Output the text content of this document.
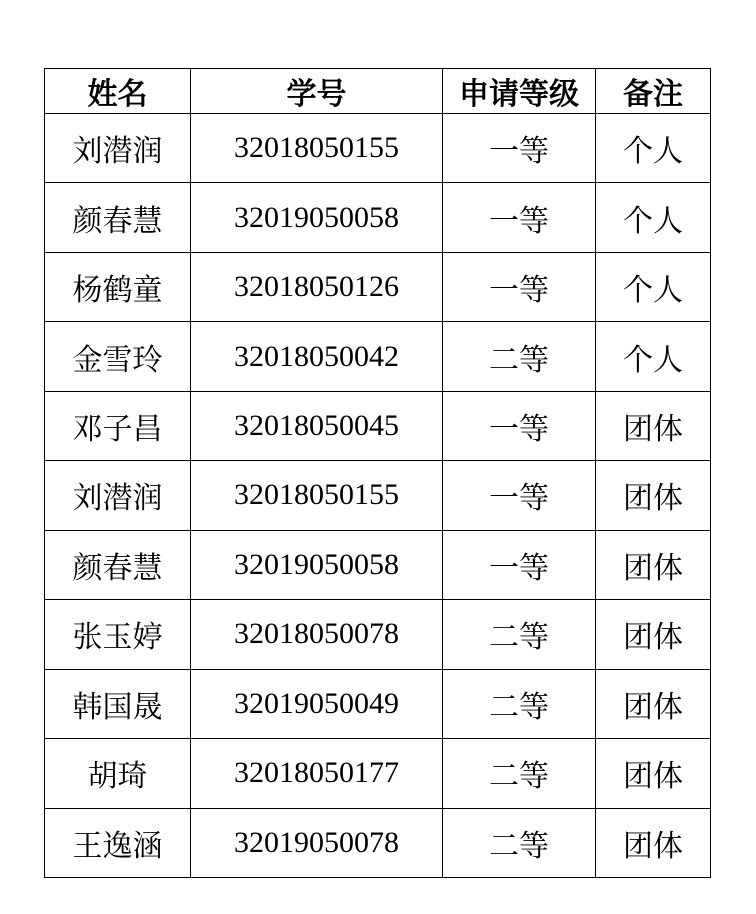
姓名	学号	申请等级	备注
刘潜润	32018050155	一等	个人
颜春慧	32019050058	一等	个人
杨鹤童	32018050126	一等	个人
金雪玲	32018050042	二等	个人
邓子昌	32018050045	一等	团体
刘潜润	32018050155	一等	团体
颜春慧	32019050058	一等	团体
张玉婷	32018050078	二等	团体
韩国晟	32019050049	二等	团体
胡琦	32018050177	二等	团体
王逸涵	32019050078	二等	团体
